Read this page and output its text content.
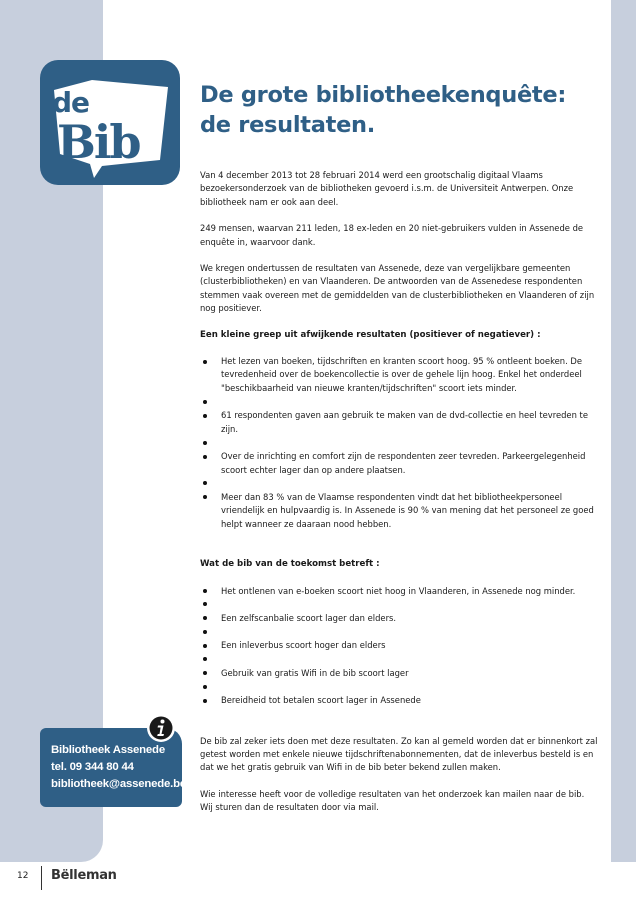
de
Bib
De grote bibliotheekenquête:
de resultaten.

Van 4 december 2013 tot 28 februari 2014 werd een grootschalig digitaal Vlaams bezoekersonderzoek van de bibliotheken gevoerd i.s.m. de Universiteit Antwerpen. Onze bibliotheek nam er ook aan deel.

249 mensen, waarvan 211 leden, 18 ex-leden en 20 niet-gebruikers vulden in Assenede de enquête in, waarvoor dank.

We kregen ondertussen de resultaten van Assenede, deze van vergelijkbare gemeenten (clusterbibliotheken) en van Vlaanderen. De antwoorden van de Assenedese respondenten stemmen vaak overeen met de gemiddelden van de clusterbibliotheken en Vlaanderen of zijn nog positiever.

Een kleine greep uit afwijkende resultaten (positiever of negatiever) :

Het lezen van boeken, tijdschriften en kranten scoort hoog. 95 % ontleent boeken. De tevredenheid over de boekencollectie is over de gehele lijn hoog. Enkel het onderdeel "beschikbaarheid van nieuwe kranten/tijdschriften" scoort iets minder.
61 respondenten gaven aan gebruik te maken van de dvd-collectie en heel tevreden te zijn.
Over de inrichting en comfort zijn de respondenten zeer tevreden. Parkeergelegenheid scoort echter lager dan op andere plaatsen.
Meer dan 83 % van de Vlaamse respondenten vindt dat het bibliotheekpersoneel vriendelijk en hulpvaardig is. In Assenede is 90 % van mening dat het personeel ze goed helpt wanneer ze daaraan nood hebben.

Wat de bib van de toekomst betreft :

Het ontlenen van e-boeken scoort niet hoog in Vlaanderen, in Assenede nog minder.
Een zelfscanbalie scoort lager dan elders.
Een inleverbus scoort hoger dan elders
Gebruik van gratis Wifi in de bib scoort lager
Bereidheid tot betalen scoort lager in Assenede

De bib zal zeker iets doen met deze resultaten. Zo kan al gemeld worden dat er binnenkort zal getest worden met enkele nieuwe tijdschriftenabonnementen, dat de inleverbus besteld is en dat we het gratis gebruik van Wifi in de bib beter bekend zullen maken.

Wie interesse heeft voor de volledige resultaten van het onderzoek kan mailen naar de bib. Wij sturen dan de resultaten door via mail.

Bibliotheek Assenede
tel. 09 344 80 44
bibliotheek@assenede.be
12 Bëlleman
